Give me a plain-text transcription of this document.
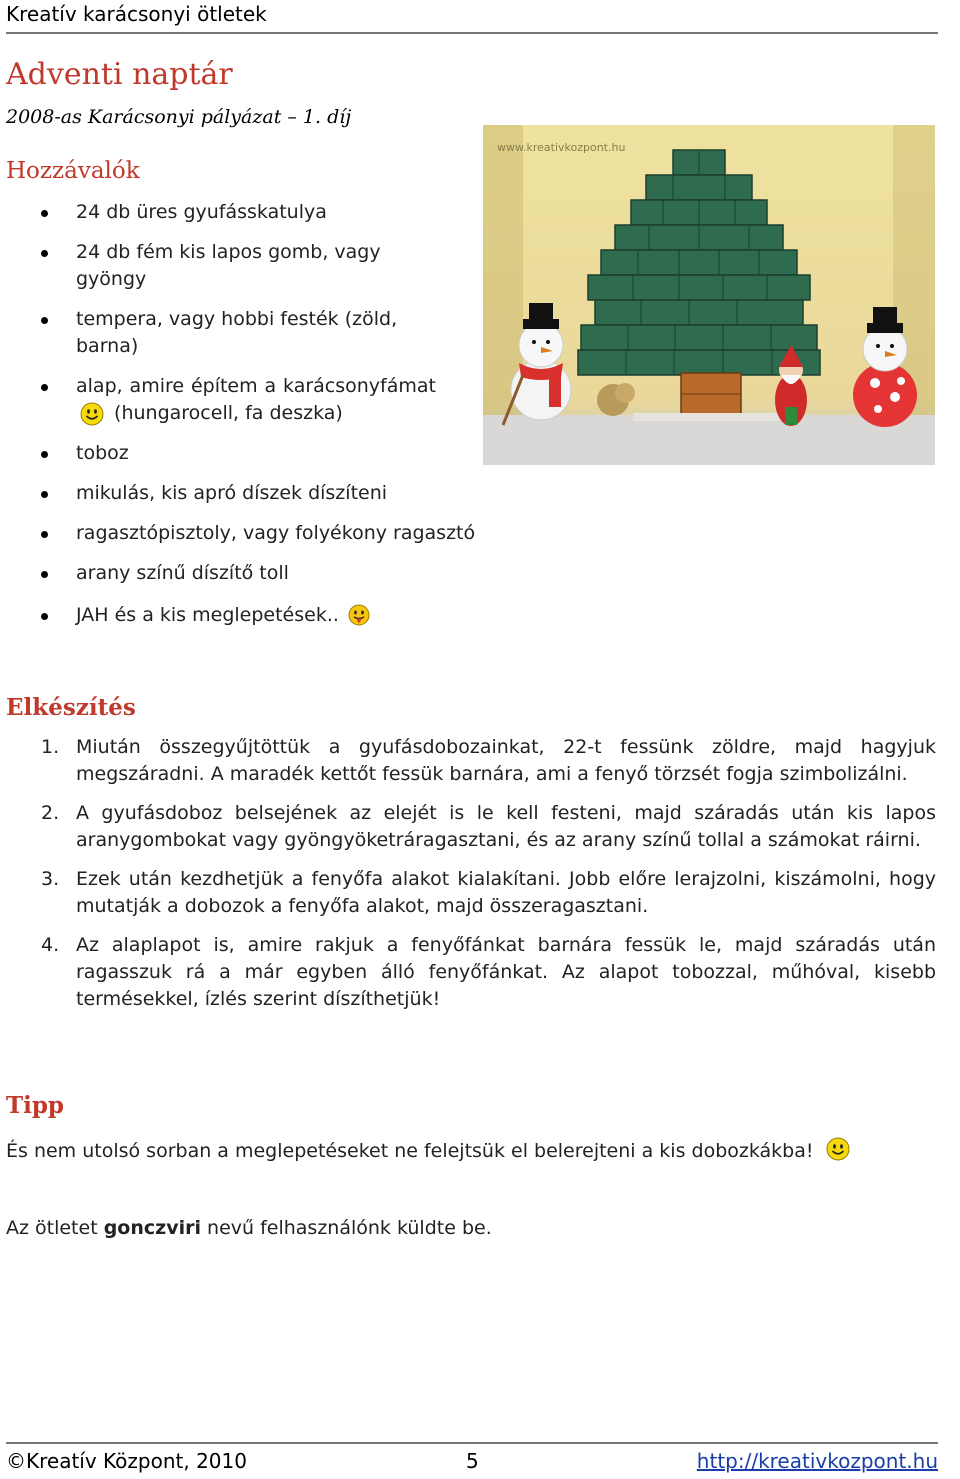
Kreatív karácsonyi ötletek
Adventi naptár
2008-as Karácsonyi pályázat – 1. díj
Hozzávalók
24 db üres gyufásskatulya
24 db fém kis lapos gomb, vagy gyöngy
tempera, vagy hobbi festék (zöld, barna)
alap, amire építem a karácsonyfámat  (hungarocell, fa deszka)
toboz
mikulás, kis apró díszek díszíteni
ragasztópisztoly, vagy folyékony ragasztó
arany színű díszítő toll
JAH és a kis meglepetések..
Elkészítés
1. Miután összegyűjtöttük a gyufásdobozainkat, 22-t fessünk zöldre, majd hagyjuk megszáradni. A maradék kettőt fessük barnára, ami a fenyő törzsét fogja szimbolizálni.
2. A gyufásdoboz belsejének az elejét is le kell festeni, majd száradás után kis lapos aranygombokat vagy gyöngyöketráragasztani, és az arany színű tollal a számokat ráirni.
3. Ezek után kezdhetjük a fenyőfa alakot kialakítani. Jobb előre lerajzolni, kiszámolni, hogy mutatják a dobozok a fenyőfa alakot, majd összeragasztani.
4. Az alaplapot is, amire rakjuk a fenyőfánkat barnára fessük le, majd száradás után ragasszuk rá a már egyben álló fenyőfánkat. Az alapot tobozzal, műhóval, kisebb termésekkel, ízlés szerint díszíthetjük!
Tipp
És nem utolsó sorban a meglepetéseket ne felejtsük el belerejteni a kis dobozkákba!
Az ötletet gonczviri nevű felhasználónk küldte be.
www.kreativkozpont.hu
©Kreatív Központ, 2010	5	http://kreativkozpont.hu
